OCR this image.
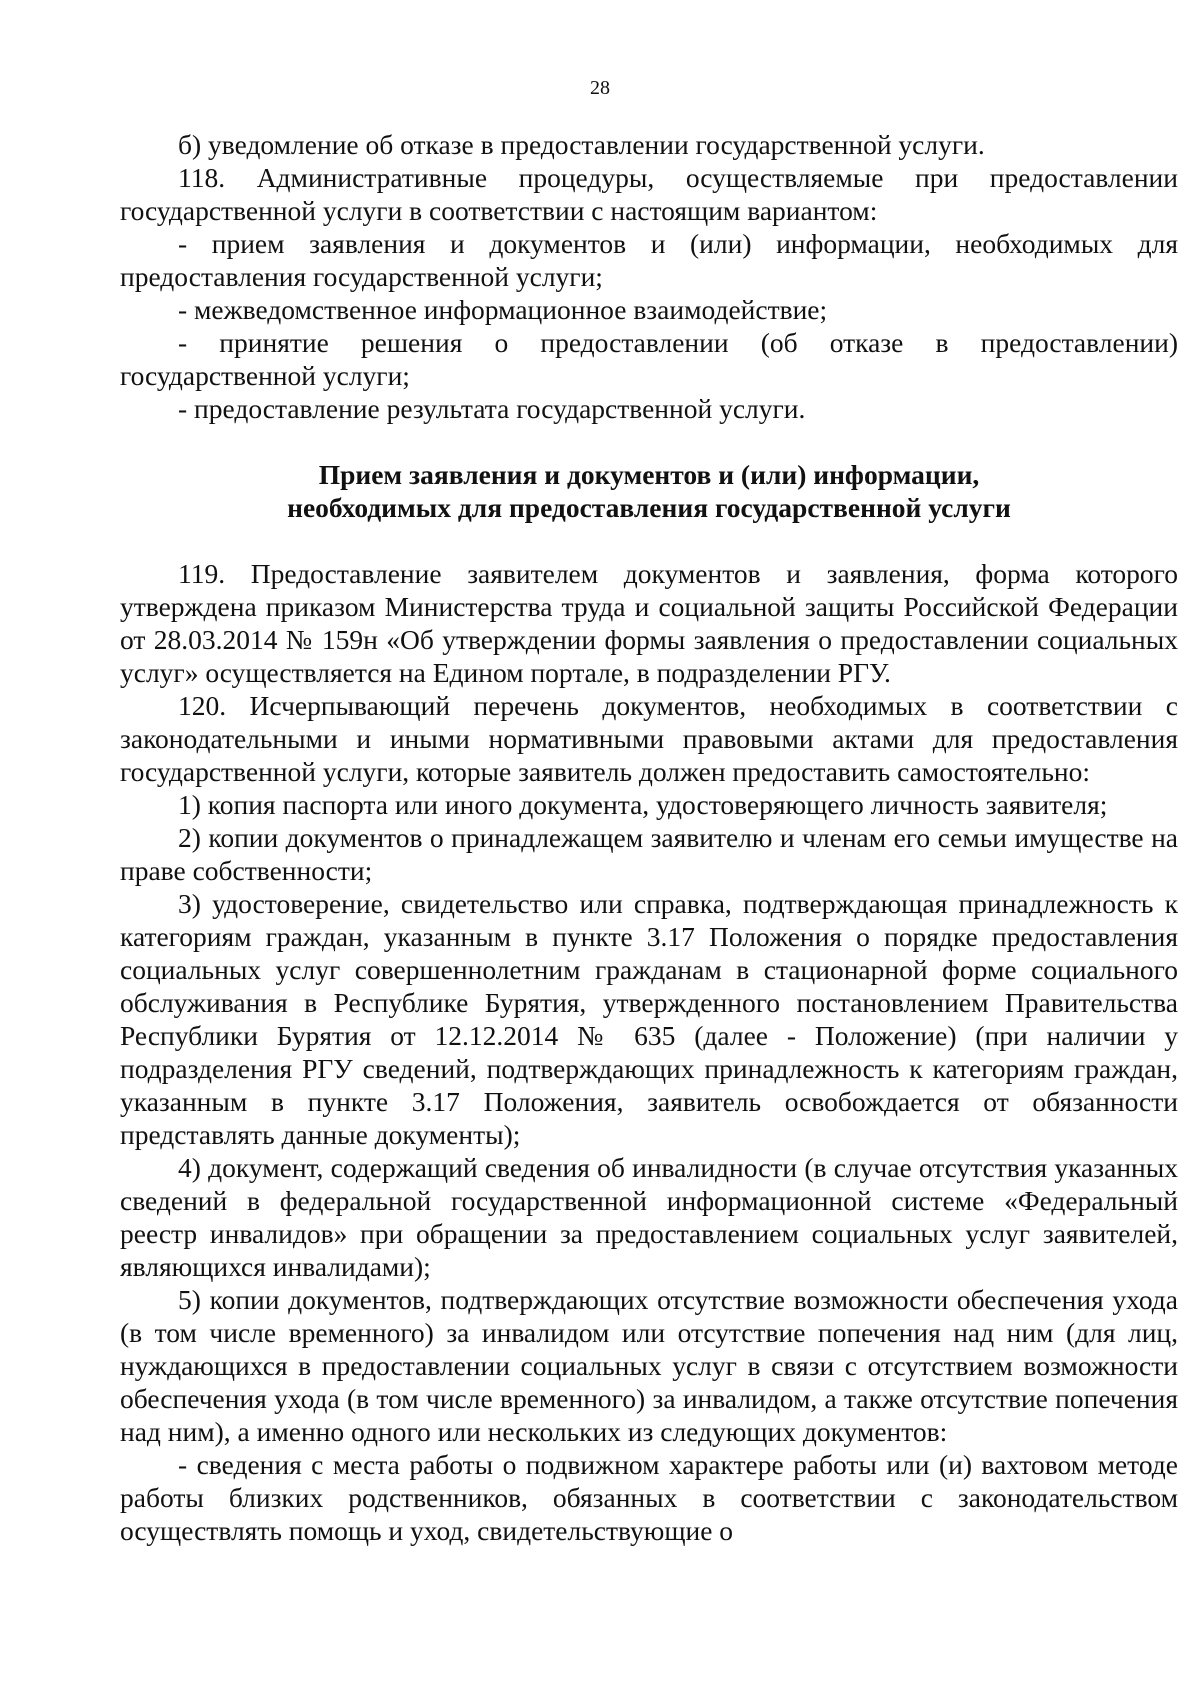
28

б) уведомление об отказе в предоставлении государственной услуги.

118. Административные процедуры, осуществляемые при предоставлении государственной услуги в соответствии с настоящим вариантом:

- прием заявления и документов и (или) информации, необходимых для предоставления государственной услуги;

- межведомственное информационное взаимодействие;

- принятие решения о предоставлении (об отказе в предоставлении) государственной услуги;

- предоставление результата государственной услуги.

Прием заявления и документов и (или) информации,
необходимых для предоставления государственной услуги

119. Предоставление заявителем документов и заявления, форма которого утверждена приказом Министерства труда и социальной защиты Российской Федерации от 28.03.2014 № 159н «Об утверждении формы заявления о предоставлении социальных услуг» осуществляется на Едином портале, в подразделении РГУ.

120. Исчерпывающий перечень документов, необходимых в соответствии с законодательными и иными нормативными правовыми актами для предоставления государственной услуги, которые заявитель должен предоставить самостоятельно:

1) копия паспорта или иного документа, удостоверяющего личность заявителя;

2) копии документов о принадлежащем заявителю и членам его семьи имуществе на праве собственности;

3) удостоверение, свидетельство или справка, подтверждающая принадлежность к категориям граждан, указанным в пункте 3.17 Положения о порядке предоставления социальных услуг совершеннолетним гражданам в стационарной форме социального обслуживания в Республике Бурятия, утвержденного постановлением Правительства Республики Бурятия от 12.12.2014 № 635 (далее - Положение) (при наличии у подразделения РГУ сведений, подтверждающих принадлежность к категориям граждан, указанным в пункте 3.17 Положения, заявитель освобождается от обязанности представлять данные документы);

4) документ, содержащий сведения об инвалидности (в случае отсутствия указанных сведений в федеральной государственной информационной системе «Федеральный реестр инвалидов» при обращении за предоставлением социальных услуг заявителей, являющихся инвалидами);

5) копии документов, подтверждающих отсутствие возможности обеспечения ухода (в том числе временного) за инвалидом или отсутствие попечения над ним (для лиц, нуждающихся в предоставлении социальных услуг в связи с отсутствием возможности обеспечения ухода (в том числе временного) за инвалидом, а также отсутствие попечения над ним), а именно одного или нескольких из следующих документов:

- сведения с места работы о подвижном характере работы или (и) вахтовом методе работы близких родственников, обязанных в соответствии с законодательством осуществлять помощь и уход, свидетельствующие о
